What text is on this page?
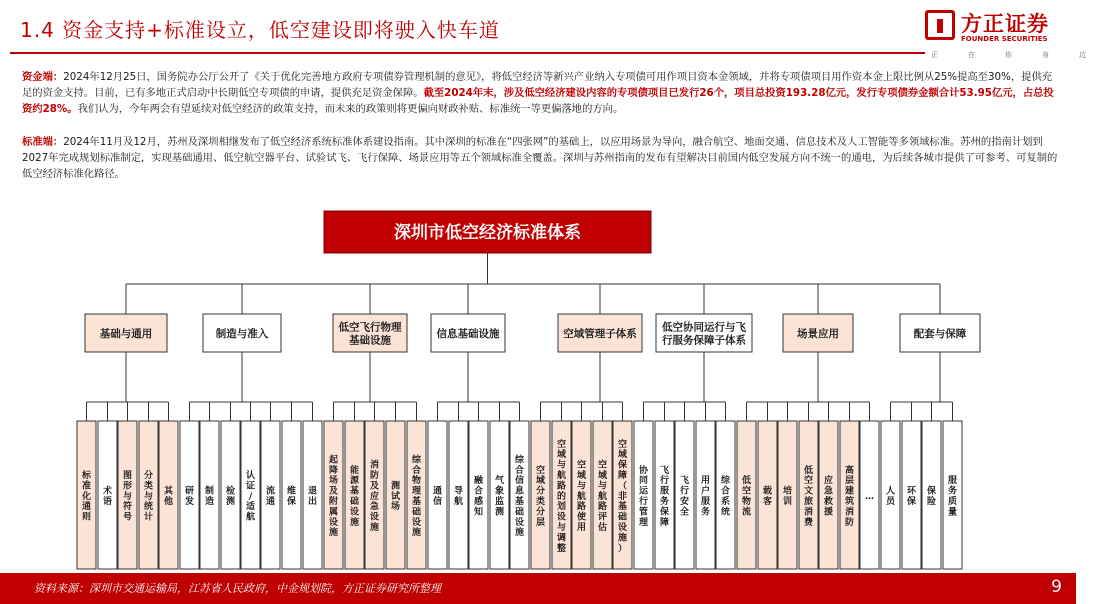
1.4 资金支持+标准设立，低空建设即将驶入快车道	方正证券
FOUNDER SECURITIES
正在你身边
资金端：2024年12月25日，国务院办公厅公开了《关于优化完善地方政府专项债券管理机制的意见》，将低空经济等新兴产业纳入专项债可用作项目资本金领域，并将专项债项目用作资本金上限比例从25%提高至30%，提供充足的资金支持。目前，已有多地正式启动中长期低空专项债的申请，提供充足资金保障。截至2024年末，涉及低空经济建设内容的专项债项目已发行26个，项目总投资193.28亿元，发行专项债券金额合计53.95亿元，占总投资约28%。我们认为，今年两会有望延续对低空经济的政策支持，而未来的政策则将更偏向财政补贴、标准统一等更偏落地的方向。
标准端：2024年11月及12月，苏州及深圳相继发布了低空经济系统标准体系建设指南。其中深圳的标准在“四张网”的基础上，以应用场景为导向，融合航空、地面交通、信息技术及人工智能等多领域标准。苏州的指南计划到2027年完成规划标准制定，实现基础通用、低空航空器平台、试验试飞、飞行保障、场景应用等五个领域标准全覆盖。深圳与苏州指南的发布有望解决目前国内低空发展方向不统一的通电，为后续各城市提供了可参考、可复制的低空经济标准化路径。
深圳市低空经济标准体系
基础与通用
标准化通则
术语
图形与符号
分类与统计
其他
制造与准入
研发
制造
检测
认证/适航
流通
维保
退出
低空飞行物理
基础设施
起降场及附属设施
能源基础设施
消防及应急设施
测试场
综合物理基础设施
信息基础设施
通信
导航
融合感知
气象监测
综合信息基础设施
空域管理子体系
空域分类分层
空域与航路的划设与调整
空域与航路使用
空域与航路评估
空域保障（非基础设施）
低空协同运行与飞
行服务保障子体系
协同运行管理
飞行服务保障
飞行安全
用户服务
综合系统
场景应用
低空物流
载客
培训
低空文旅消费
应急救援
高层建筑消防
…
配套与保障
人员
环保
保险
服务质量
资料来源：深圳市交通运输局，江苏省人民政府，中金规划院，方正证券研究所整理	9
